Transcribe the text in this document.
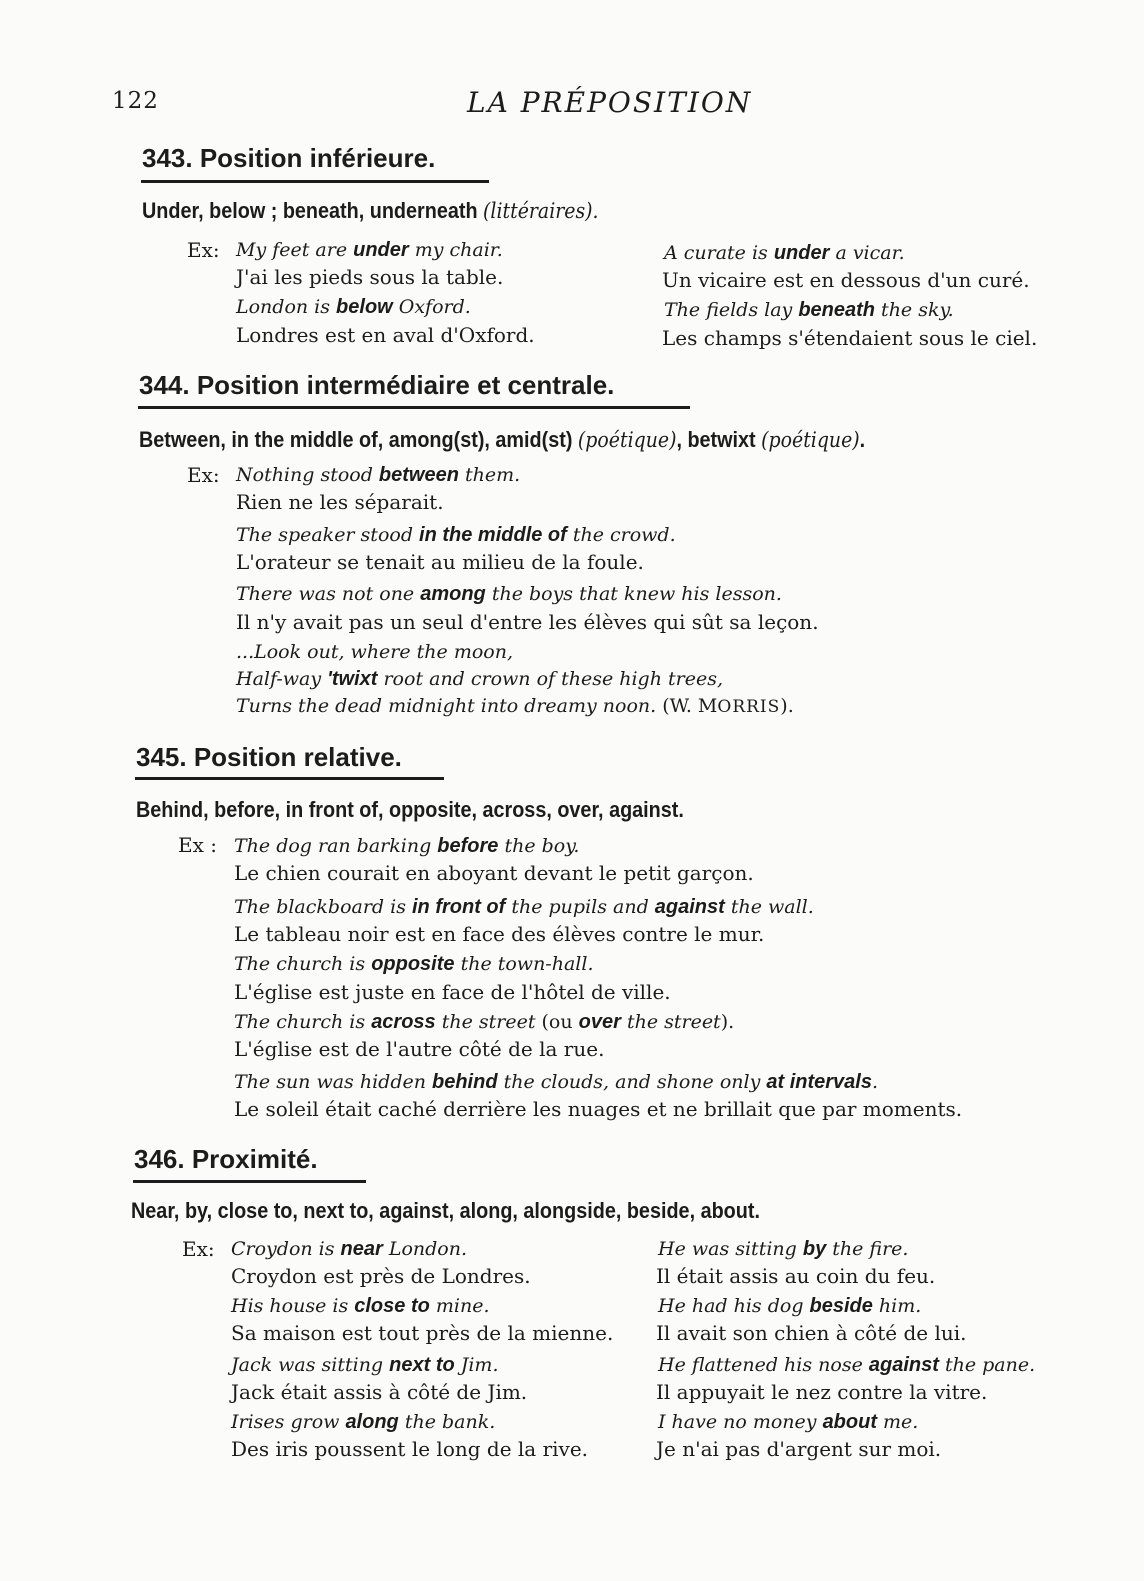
122	LA PRÉPOSITION
343. Position inférieure.
Under, below ; beneath, underneath (littéraires).
Ex: My feet are under my chair.
J'ai les pieds sous la table.
London is below Oxford.
Londres est en aval d'Oxford.
A curate is under a vicar.
Un vicaire est en dessous d'un curé.
The fields lay beneath the sky.
Les champs s'étendaient sous le ciel.
344. Position intermédiaire et centrale.
Between, in the middle of, among(st), amid(st) (poétique), betwixt (poétique).
Ex: Nothing stood between them.
Rien ne les séparait.
The speaker stood in the middle of the crowd.
L'orateur se tenait au milieu de la foule.
There was not one among the boys that knew his lesson.
Il n'y avait pas un seul d'entre les élèves qui sût sa leçon.
...Look out, where the moon,
Half-way 'twixt root and crown of these high trees,
Turns the dead midnight into dreamy noon. (W. MORRIS).
345. Position relative.
Behind, before, in front of, opposite, across, over, against.
Ex : The dog ran barking before the boy.
Le chien courait en aboyant devant le petit garçon.
The blackboard is in front of the pupils and against the wall.
Le tableau noir est en face des élèves contre le mur.
The church is opposite the town-hall.
L'église est juste en face de l'hôtel de ville.
The church is across the street (ou over the street).
L'église est de l'autre côté de la rue.
The sun was hidden behind the clouds, and shone only at intervals.
Le soleil était caché derrière les nuages et ne brillait que par moments.
346. Proximité.
Near, by, close to, next to, against, along, alongside, beside, about.
Ex: Croydon is near London.
Croydon est près de Londres.
His house is close to mine.
Sa maison est tout près de la mienne.
Jack was sitting next to Jim.
Jack était assis à côté de Jim.
Irises grow along the bank.
Des iris poussent le long de la rive.
He was sitting by the fire.
Il était assis au coin du feu.
He had his dog beside him.
Il avait son chien à côté de lui.
He flattened his nose against the pane.
Il appuyait le nez contre la vitre.
I have no money about me.
Je n'ai pas d'argent sur moi.
